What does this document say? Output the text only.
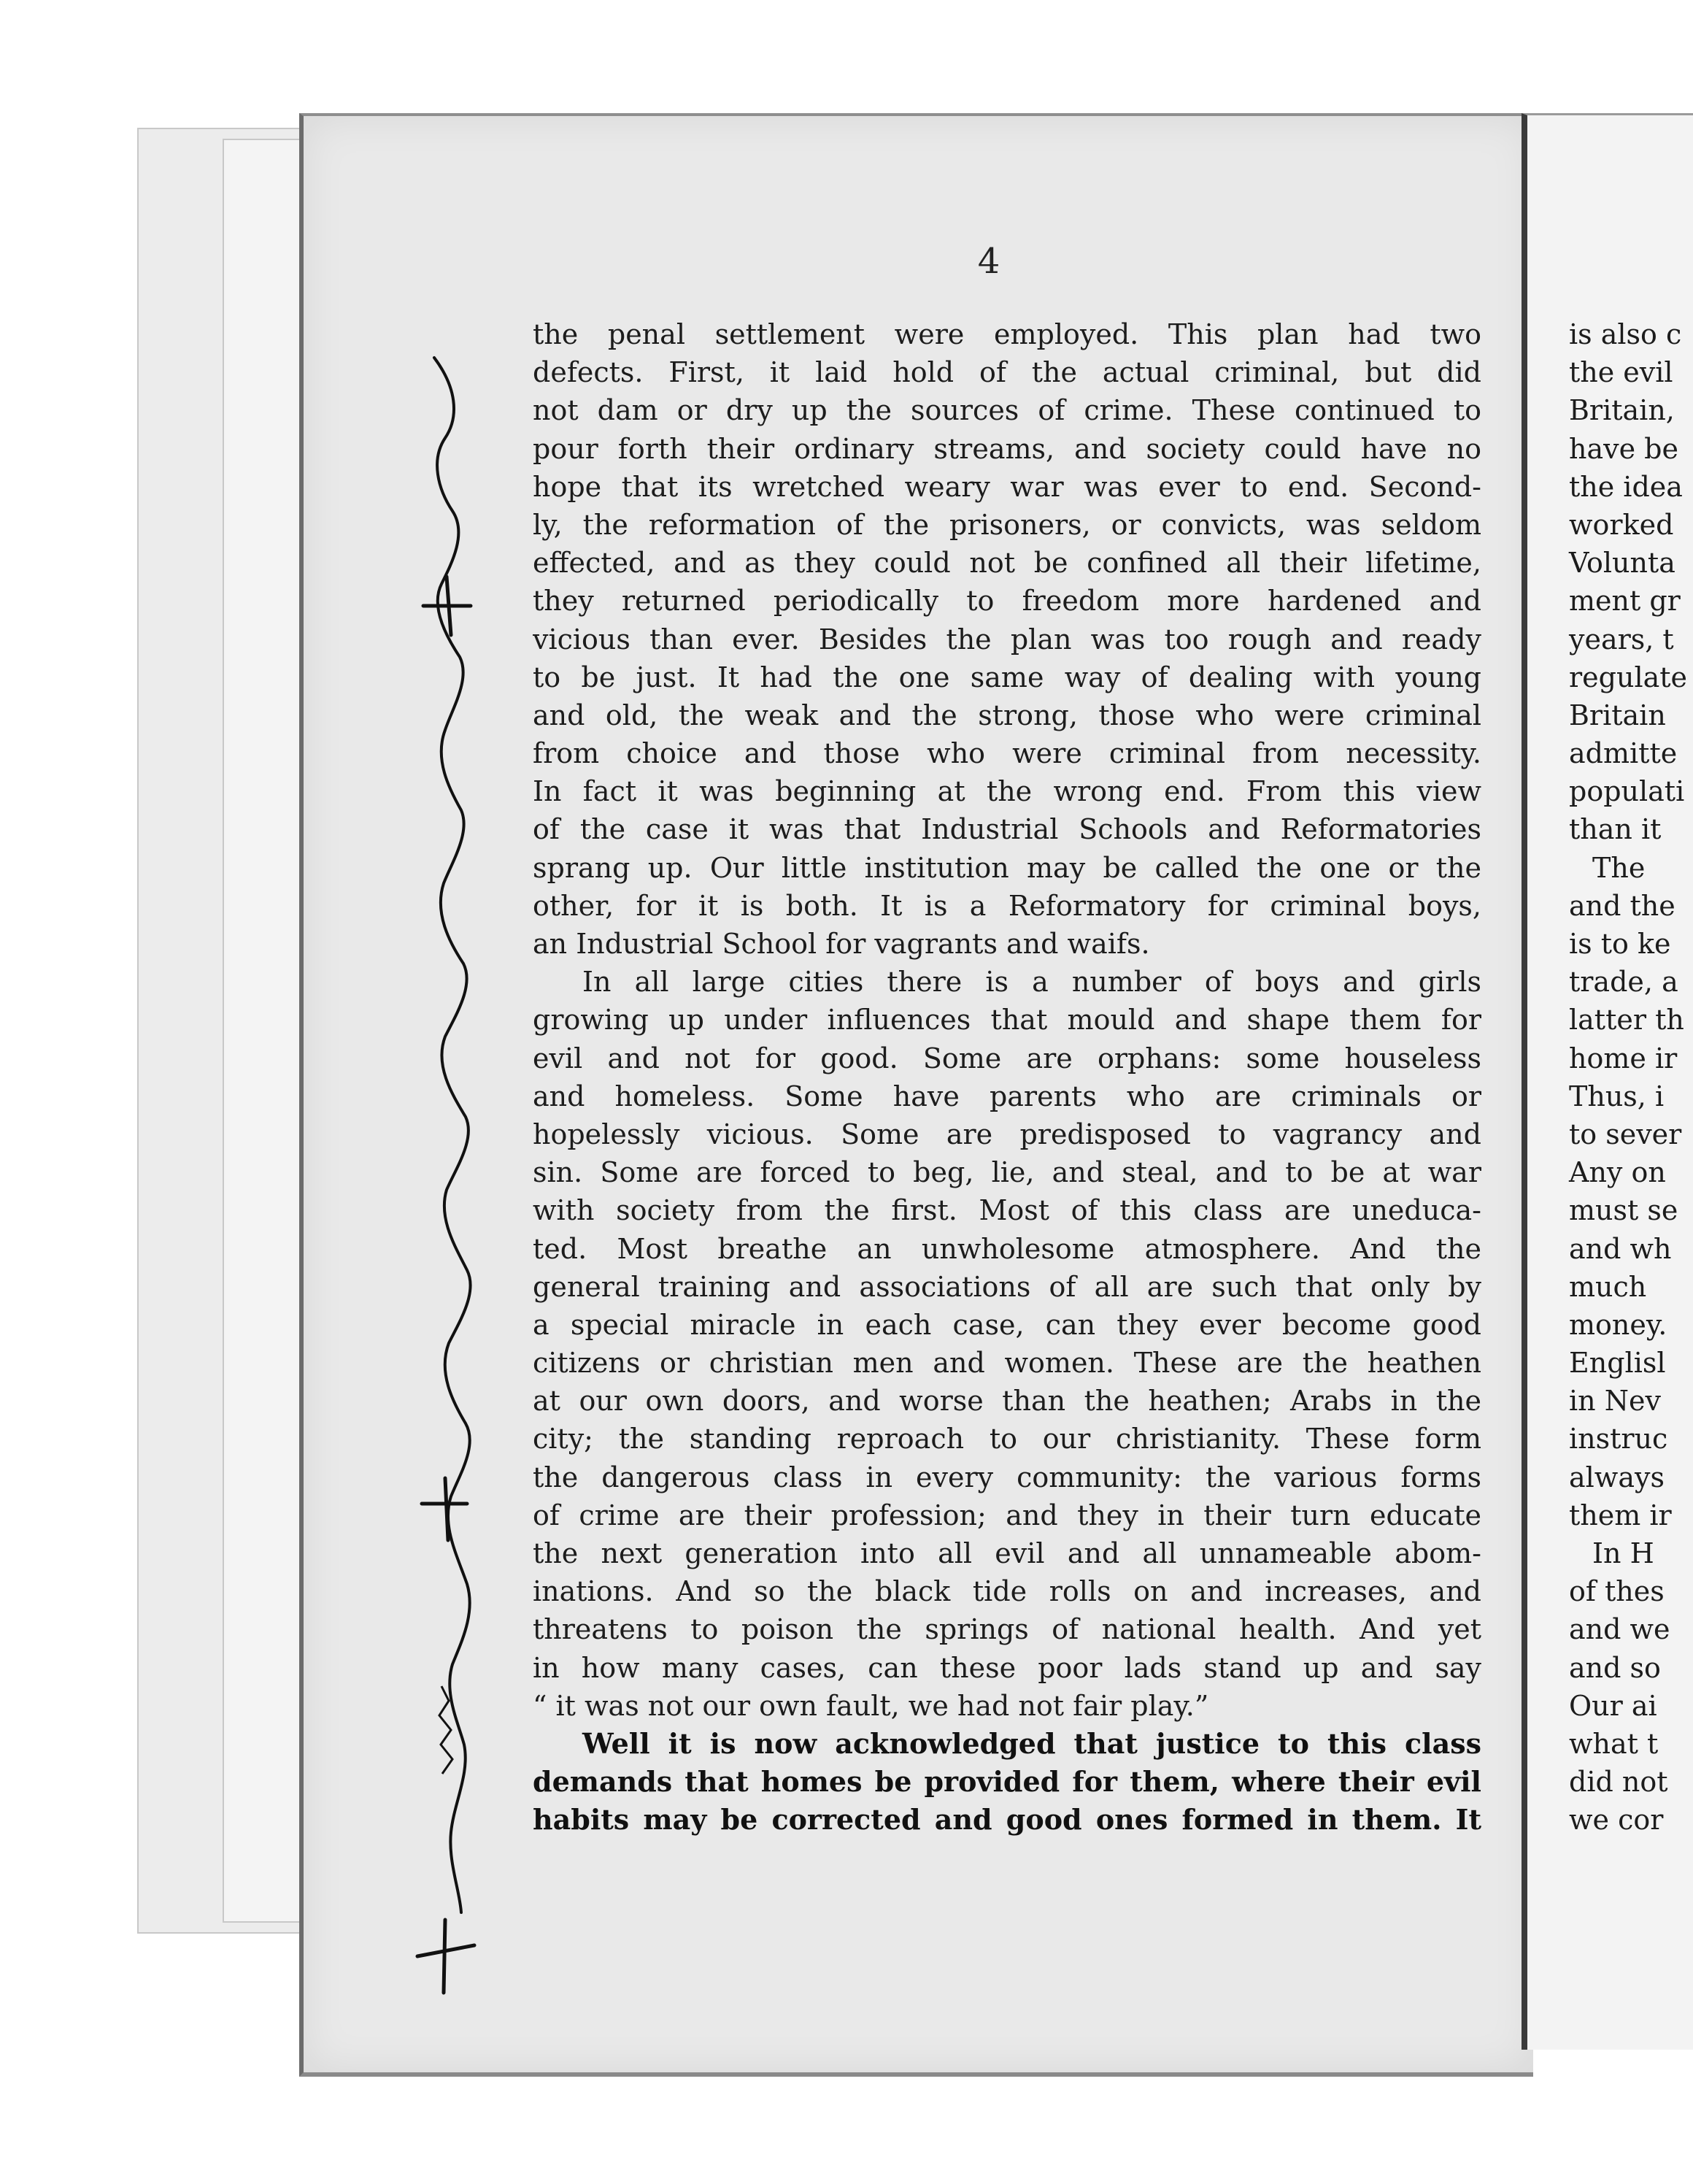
4
the penal settlement were employed. This plan had two
defects. First, it laid hold of the actual criminal, but did
not dam or dry up the sources of crime. These continued to
pour forth their ordinary streams, and society could have no
hope that its wretched weary war was ever to end. Second-
ly, the reformation of the prisoners, or convicts, was seldom
effected, and as they could not be confined all their lifetime,
they returned periodically to freedom more hardened and
vicious than ever. Besides the plan was too rough and ready
to be just. It had the one same way of dealing with young
and old, the weak and the strong, those who were criminal
from choice and those who were criminal from necessity.
In fact it was beginning at the wrong end. From this view
of the case it was that Industrial Schools and Reformatories
sprang up. Our little institution may be called the one or the
other, for it is both. It is a Reformatory for criminal boys,
an Industrial School for vagrants and waifs.
In all large cities there is a number of boys and girls
growing up under influences that mould and shape them for
evil and not for good. Some are orphans: some houseless
and homeless. Some have parents who are criminals or
hopelessly vicious. Some are predisposed to vagrancy and
sin. Some are forced to beg, lie, and steal, and to be at war
with society from the first. Most of this class are uneduca-
ted. Most breathe an unwholesome atmosphere. And the
general training and associations of all are such that only by
a special miracle in each case, can they ever become good
citizens or christian men and women. These are the heathen
at our own doors, and worse than the heathen; Arabs in the
city; the standing reproach to our christianity. These form
the dangerous class in every community: the various forms
of crime are their profession; and they in their turn educate
the next generation into all evil and all unnameable abom-
inations. And so the black tide rolls on and increases, and
threatens to poison the springs of national health. And yet
in how many cases, can these poor lads stand up and say
“ it was not our own fault, we had not fair play.”
Well it is now acknowledged that justice to this class
demands that homes be provided for them, where their evil
habits may be corrected and good ones formed in them. It
is also c
the evil
Britain,
have be
the idea
worked
Volunta
ment gr
years, t
regulate
Britain
admitte
populati
than it
The
and the
is to ke
trade, a
latter th
home ir
Thus, i
to sever
Any on
must se
and wh
much
money.
Englisl
in Nev
instruc
always
them ir
In H
of thes
and we
and so
Our ai
what t
did not
we cor
